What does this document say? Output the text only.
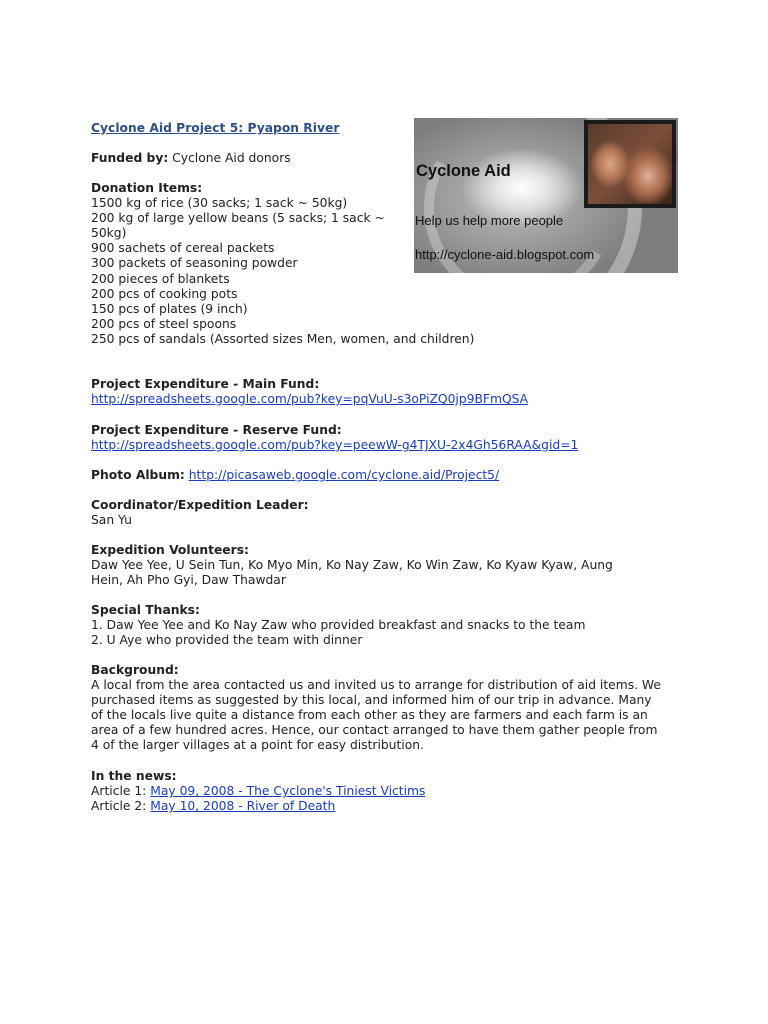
Cyclone Aid Project 5: Pyapon River
Funded by: Cyclone Aid donors
Donation Items:
1500 kg of rice (30 sacks; 1 sack ~ 50kg)
200 kg of large yellow beans (5 sacks; 1 sack ~
50kg)
900 sachets of cereal packets
300 packets of seasoning powder
200 pieces of blankets
200 pcs of cooking pots
150 pcs of plates (9 inch)
200 pcs of steel spoons
250 pcs of sandals (Assorted sizes Men, women, and children)
Project Expenditure - Main Fund:
http://spreadsheets.google.com/pub?key=pqVuU-s3oPiZQ0jp9BFmQSA
Project Expenditure - Reserve Fund:
http://spreadsheets.google.com/pub?key=peewW-g4TJXU-2x4Gh56RAA&gid=1
Photo Album: http://picasaweb.google.com/cyclone.aid/Project5/
Coordinator/Expedition Leader:
San Yu
Expedition Volunteers:
Daw Yee Yee, U Sein Tun, Ko Myo Min, Ko Nay Zaw, Ko Win Zaw, Ko Kyaw Kyaw, Aung
Hein, Ah Pho Gyi, Daw Thawdar
Special Thanks:
1. Daw Yee Yee and Ko Nay Zaw who provided breakfast and snacks to the team
2. U Aye who provided the team with dinner
Background:
A local from the area contacted us and invited us to arrange for distribution of aid items. We
purchased items as suggested by this local, and informed him of our trip in advance. Many
of the locals live quite a distance from each other as they are farmers and each farm is an
area of a few hundred acres. Hence, our contact arranged to have them gather people from
4 of the larger villages at a point for easy distribution.
In the news:
Article 1: May 09, 2008 - The Cyclone's Tiniest Victims
Article 2: May 10, 2008 - River of Death
Cyclone Aid
Help us help more people
http://cyclone-aid.blogspot.com
